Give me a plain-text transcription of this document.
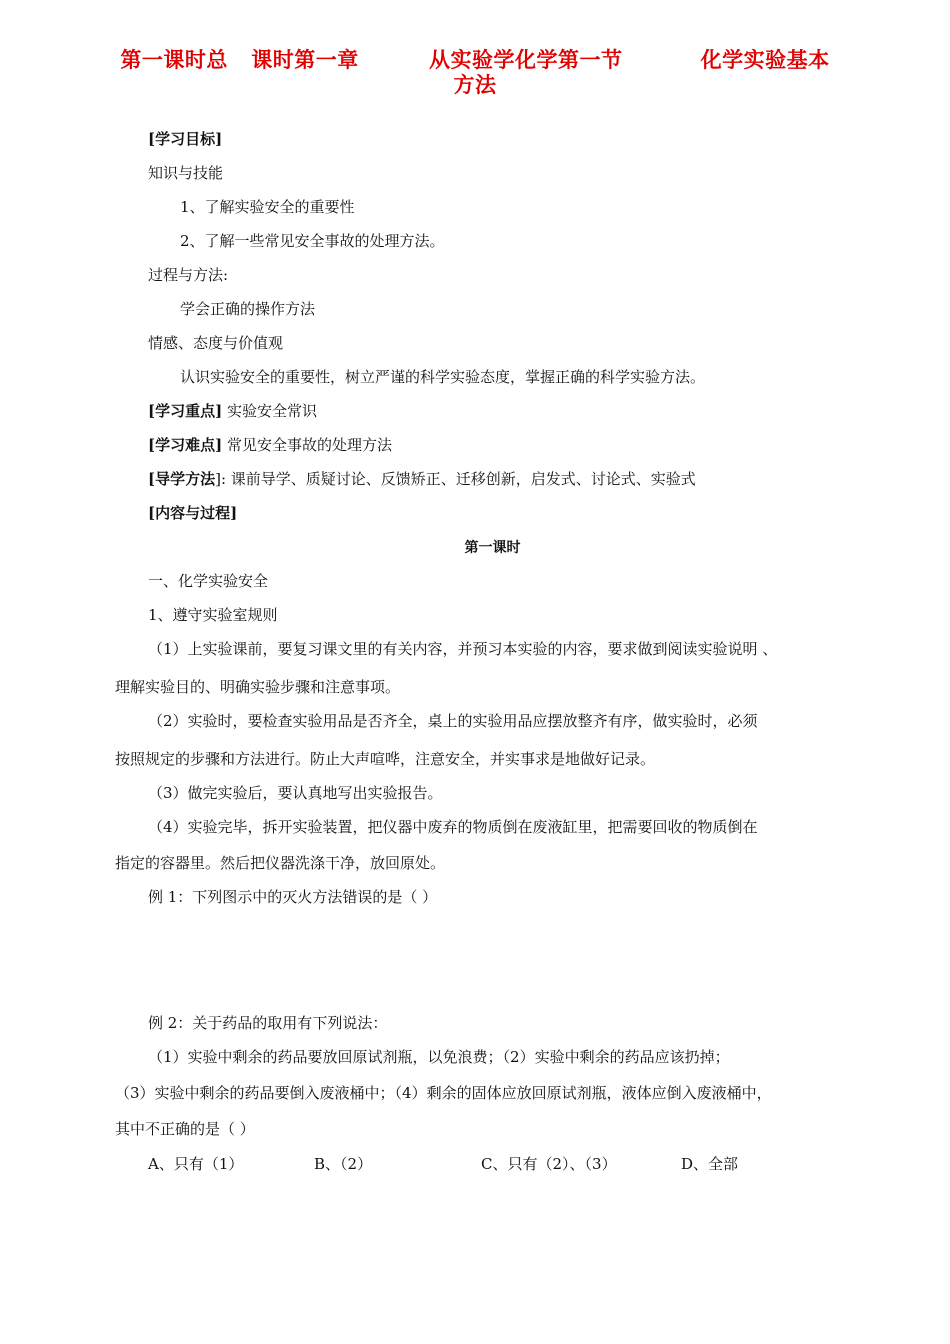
第一课时总   课时第一章         从实验学化学第一节          化学实验基本
方法
[学习目标]
知识与技能
1、了解实验安全的重要性
2、了解一些常见安全事故的处理方法。
过程与方法:
学会正确的操作方法
情感、态度与价值观
认识实验安全的重要性，树立严谨的科学实验态度，掌握正确的科学实验方法。
[学习重点] 实验安全常识
[学习难点] 常见安全事故的处理方法
[导学方法]: 课前导学、质疑讨论、反馈矫正、迁移创新，启发式、讨论式、实验式
[内容与过程]
第一课时
一、化学实验安全
1、遵守实验室规则
（1）上实验课前，要复习课文里的有关内容，并预习本实验的内容，要求做到阅读实验说明 、
理解实验目的、明确实验步骤和注意事项。
（2）实验时，要检查实验用品是否齐全，桌上的实验用品应摆放整齐有序，做实验时，必须
按照规定的步骤和方法进行。防止大声喧哗，注意安全，并实事求是地做好记录。
（3）做完实验后，要认真地写出实验报告。
（4）实验完毕，拆开实验装置，把仪器中废弃的物质倒在废液缸里，把需要回收的物质倒在
指定的容器里。然后把仪器洗涤干净，放回原处。
例 1：下列图示中的灭火方法错误的是（ ）
例 2：关于药品的取用有下列说法：
（1）实验中剩余的药品要放回原试剂瓶，以免浪费；（2）实验中剩余的药品应该扔掉；
（3）实验中剩余的药品要倒入废液桶中；（4）剩余的固体应放回原试剂瓶，液体应倒入废液桶中，
其中不正确的是（ ）
A、只有（1）	B、（2）	C、只有（2）、（3）	D、全部
